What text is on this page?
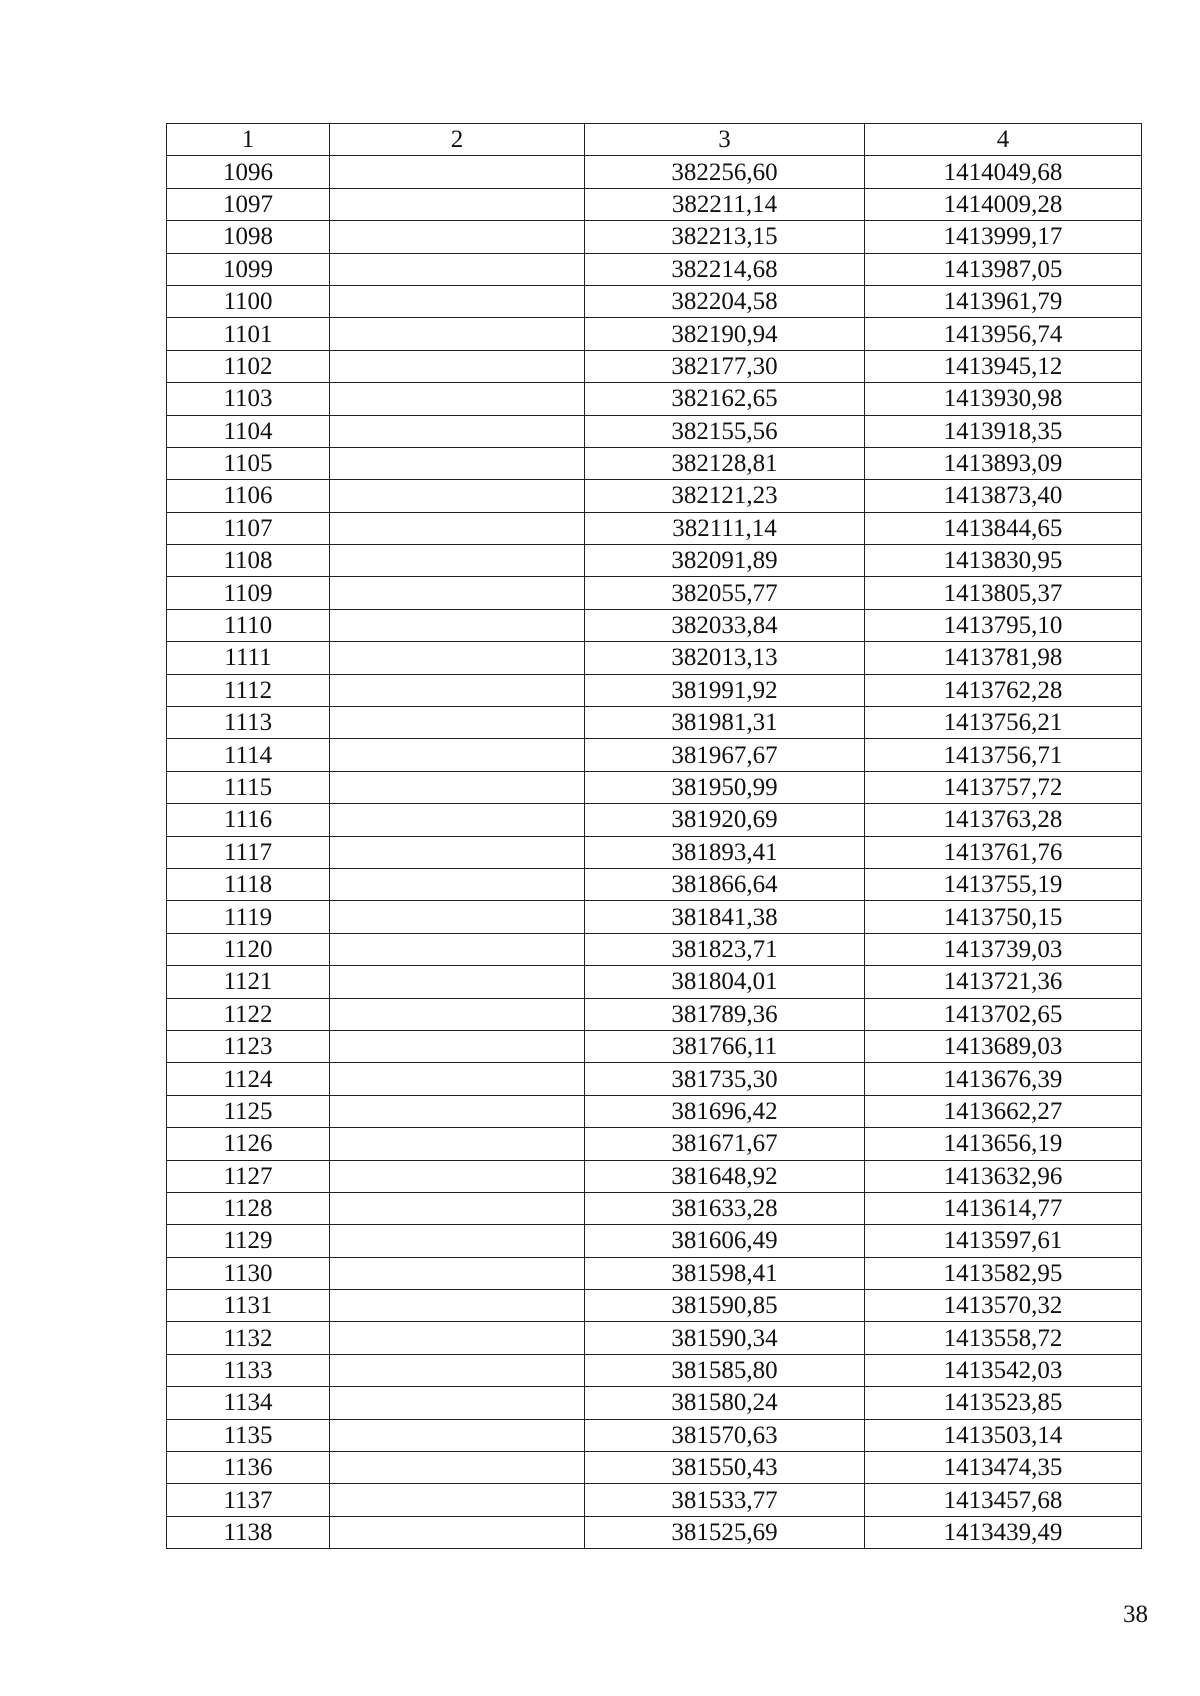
1	2	3	4
1096		382256,60	1414049,68
1097		382211,14	1414009,28
1098		382213,15	1413999,17
1099		382214,68	1413987,05
1100		382204,58	1413961,79
1101		382190,94	1413956,74
1102		382177,30	1413945,12
1103		382162,65	1413930,98
1104		382155,56	1413918,35
1105		382128,81	1413893,09
1106		382121,23	1413873,40
1107		382111,14	1413844,65
1108		382091,89	1413830,95
1109		382055,77	1413805,37
1110		382033,84	1413795,10
1111		382013,13	1413781,98
1112		381991,92	1413762,28
1113		381981,31	1413756,21
1114		381967,67	1413756,71
1115		381950,99	1413757,72
1116		381920,69	1413763,28
1117		381893,41	1413761,76
1118		381866,64	1413755,19
1119		381841,38	1413750,15
1120		381823,71	1413739,03
1121		381804,01	1413721,36
1122		381789,36	1413702,65
1123		381766,11	1413689,03
1124		381735,30	1413676,39
1125		381696,42	1413662,27
1126		381671,67	1413656,19
1127		381648,92	1413632,96
1128		381633,28	1413614,77
1129		381606,49	1413597,61
1130		381598,41	1413582,95
1131		381590,85	1413570,32
1132		381590,34	1413558,72
1133		381585,80	1413542,03
1134		381580,24	1413523,85
1135		381570,63	1413503,14
1136		381550,43	1413474,35
1137		381533,77	1413457,68
1138		381525,69	1413439,49
38
